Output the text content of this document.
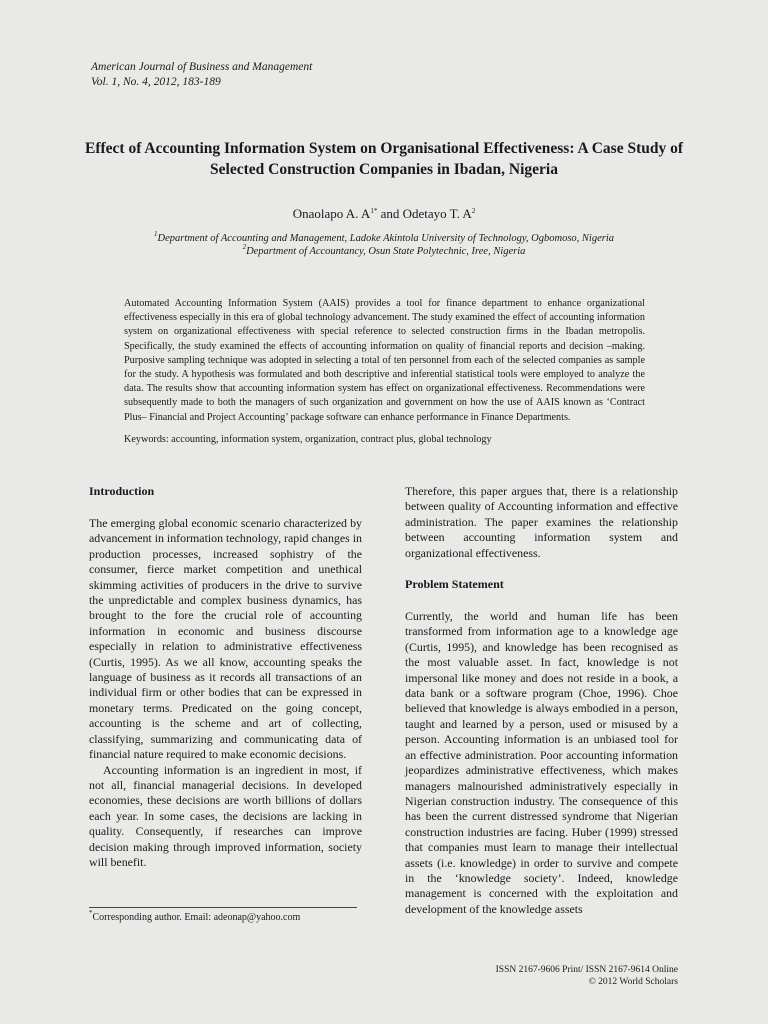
American Journal of Business and Management
Vol. 1, No. 4, 2012, 183-189
Effect of Accounting Information System on Organisational Effectiveness: A Case Study of Selected Construction Companies in Ibadan, Nigeria
Onaolapo A. $A^{1*}$ and Odetayo T. $A^2$
$^1$Department of Accounting and Management, Ladoke Akintola University of Technology, Ogbomoso, Nigeria
$^2$Department of Accountancy, Osun State Polytechnic, Iree, Nigeria
Automated Accounting Information System (AAIS) provides a tool for finance department to enhance organizational effectiveness especially in this era of global technology advancement. The study examined the effect of accounting information system on organizational effectiveness with special reference to selected construction firms in the Ibadan metropolis. Specifically, the study examined the effects of accounting information on quality of financial reports and decision –making. Purposive sampling technique was adopted in selecting a total of ten personnel from each of the selected companies as sample for the study. A hypothesis was formulated and both descriptive and inferential statistical tools were employed to analyze the data. The results show that accounting information system has effect on organizational effectiveness. Recommendations were subsequently made to both the managers of such organization and government on how the use of AAIS known as ‘Contract Plus– Financial and Project Accounting’ package software can enhance performance in Finance Departments.
Keywords: accounting, information system, organization, contract plus, global technology
Introduction

The emerging global economic scenario characterized by advancement in information technology, rapid changes in production processes, increased sophistry of the consumer, fierce market competition and unethical skimming activities of producers in the drive to survive the unpredictable and complex business dynamics, has brought to the fore the crucial role of accounting information in economic and business discourse especially in relation to administrative effectiveness (Curtis, 1995). As we all know, accounting speaks the language of business as it records all transactions of an individual firm or other bodies that can be expressed in monetary terms. Predicated on the going concept, accounting is the scheme and art of collecting, classifying, summarizing and communicating data of financial nature required to make economic decisions.

Accounting information is an ingredient in most, if not all, financial managerial decisions. In developed economies, these decisions are worth billions of dollars each year. In some cases, the decisions are lacking in quality. Consequently, if researches can improve decision making through improved information, society will benefit.

Therefore, this paper argues that, there is a relationship between quality of Accounting information and effective administration. The paper examines the relationship between accounting information system and organizational effectiveness.

Problem Statement

Currently, the world and human life has been transformed from information age to a knowledge age (Curtis, 1995), and knowledge has been recognised as the most valuable asset. In fact, knowledge is not impersonal like money and does not reside in a book, a data bank or a software program (Choe, 1996). Choe believed that knowledge is always embodied in a person, taught and learned by a person, used or misused by a person. Accounting information is an unbiased tool for an effective administration. Poor accounting information jeopardizes administrative effectiveness, which makes managers malnourished administratively especially in Nigerian construction industry. The consequence of this has been the current distressed syndrome that Nigerian construction industries are facing. Huber (1999) stressed that companies must learn to manage their intellectual assets (i.e. knowledge) in order to survive and compete in the ‘knowledge society’. Indeed, knowledge management is concerned with the exploitation and development of the knowledge assets

*Corresponding author. Email: adeonap@yahoo.com
ISSN 2167-9606 Print/ ISSN 2167-9614 Online
© 2012 World Scholars
